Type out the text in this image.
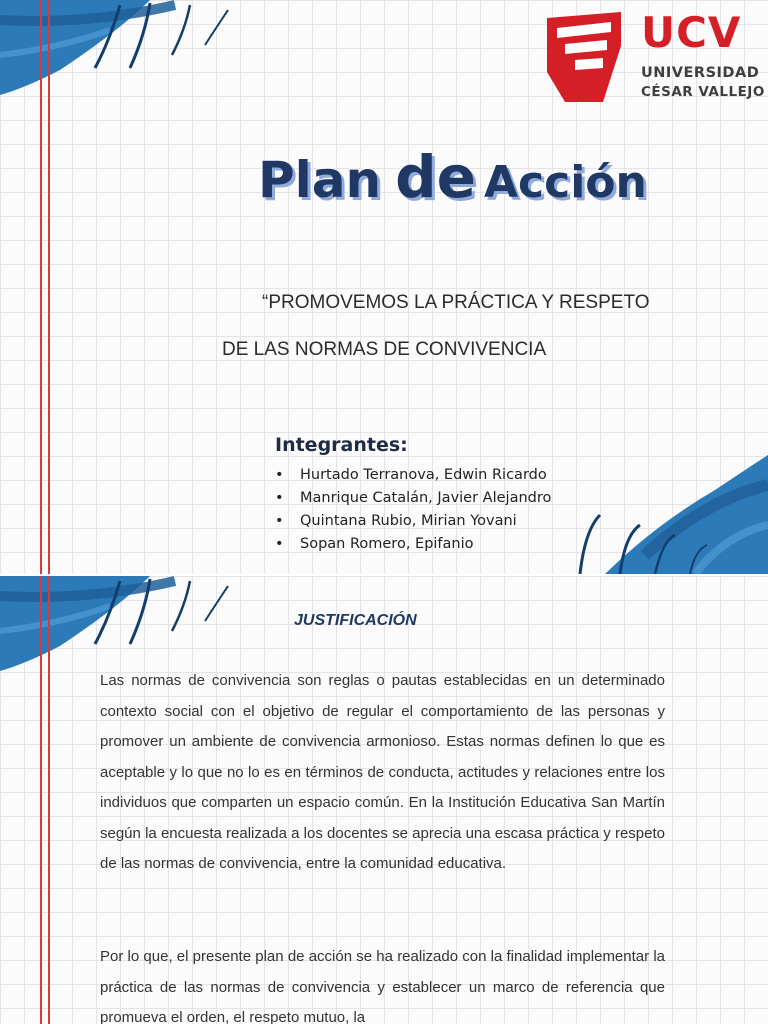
UCV
UNIVERSIDAD
CÉSAR VALLEJO
Plan de Acción
“PROMOVEMOS LA PRÁCTICA Y RESPETO
DE LAS NORMAS DE CONVIVENCIA
Integrantes:
• Hurtado Terranova, Edwin Ricardo
• Manrique Catalán, Javier Alejandro
• Quintana Rubio, Mirian Yovani
• Sopan Romero, Epifanio
JUSTIFICACIÓN

Las normas de convivencia son reglas o pautas establecidas en un determinado contexto social con el objetivo de regular el comportamiento de las personas y promover un ambiente de convivencia armonioso. Estas normas definen lo que es aceptable y lo que no lo es en términos de conducta, actitudes y relaciones entre los individuos que comparten un espacio común. En la Institución Educativa San Martín según la encuesta realizada a los docentes se aprecia una escasa práctica y respeto de las normas de convivencia, entre la comunidad educativa.

Por lo que, el presente plan de acción se ha realizado con la finalidad implementar la práctica de las normas de convivencia y establecer un marco de referencia que promueva el orden, el respeto mutuo, la
